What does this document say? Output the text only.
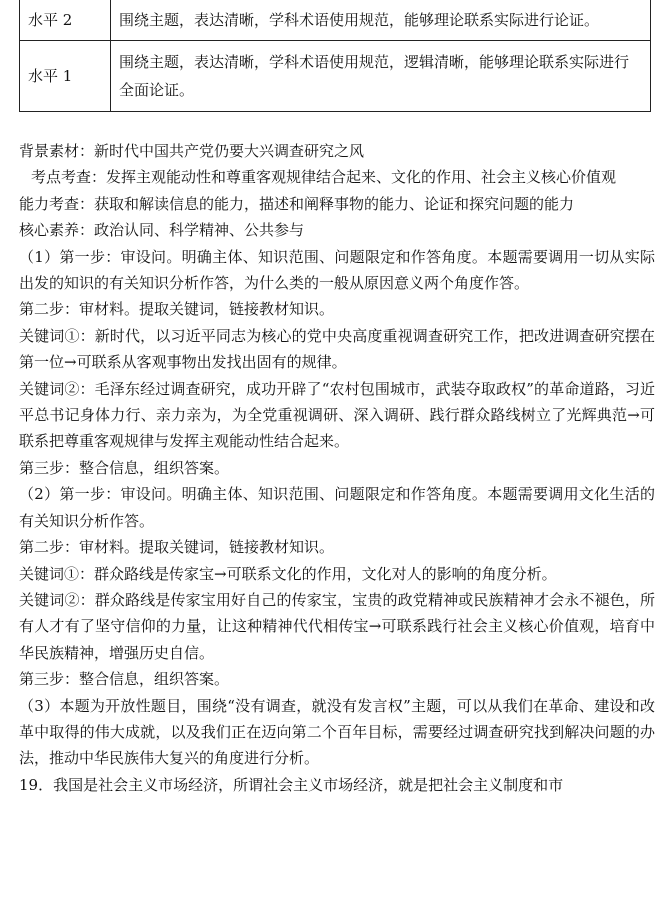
水平 2	围绕主题，表达清晰，学科术语使用规范，能够理论联系实际进行论证。
水平 1	围绕主题，表达清晰，学科术语使用规范，逻辑清晰，能够理论联系实际进行全面论证。

背景素材：新时代中国共产党仍要大兴调查研究之风

考点考查：发挥主观能动性和尊重客观规律结合起来、文化的作用、社会主义核心价值观

能力考查：获取和解读信息的能力，描述和阐释事物的能力、论证和探究问题的能力

核心素养：政治认同、科学精神、公共参与

（1）第一步：审设问。明确主体、知识范围、问题限定和作答角度。本题需要调用一切从实际出发的知识的有关知识分析作答，为什么类的一般从原因意义两个角度作答。

第二步：审材料。提取关键词，链接教材知识。

关键词①：新时代，以习近平同志为核心的党中央高度重视调查研究工作，把改进调查研究摆在第一位→可联系从客观事物出发找出固有的规律。

关键词②：毛泽东经过调查研究，成功开辟了“农村包围城市，武装夺取政权”的革命道路，习近平总书记身体力行、亲力亲为，为全党重视调研、深入调研、践行群众路线树立了光辉典范→可联系把尊重客观规律与发挥主观能动性结合起来。

第三步：整合信息，组织答案。

（2）第一步：审设问。明确主体、知识范围、问题限定和作答角度。本题需要调用文化生活的有关知识分析作答。

第二步：审材料。提取关键词，链接教材知识。

关键词①：群众路线是传家宝→可联系文化的作用，文化对人的影响的角度分析。

关键词②：群众路线是传家宝用好自己的传家宝，宝贵的政党精神或民族精神才会永不褪色，所有人才有了坚守信仰的力量，让这种精神代代相传宝→可联系践行社会主义核心价值观，培育中华民族精神，增强历史自信。

第三步：整合信息，组织答案。

（3）本题为开放性题目，围绕“没有调查，就没有发言权”主题，可以从我们在革命、建设和改革中取得的伟大成就，以及我们正在迈向第二个百年目标，需要经过调查研究找到解决问题的办法，推动中华民族伟大复兴的角度进行分析。

19．我国是社会主义市场经济，所谓社会主义市场经济，就是把社会主义制度和市
